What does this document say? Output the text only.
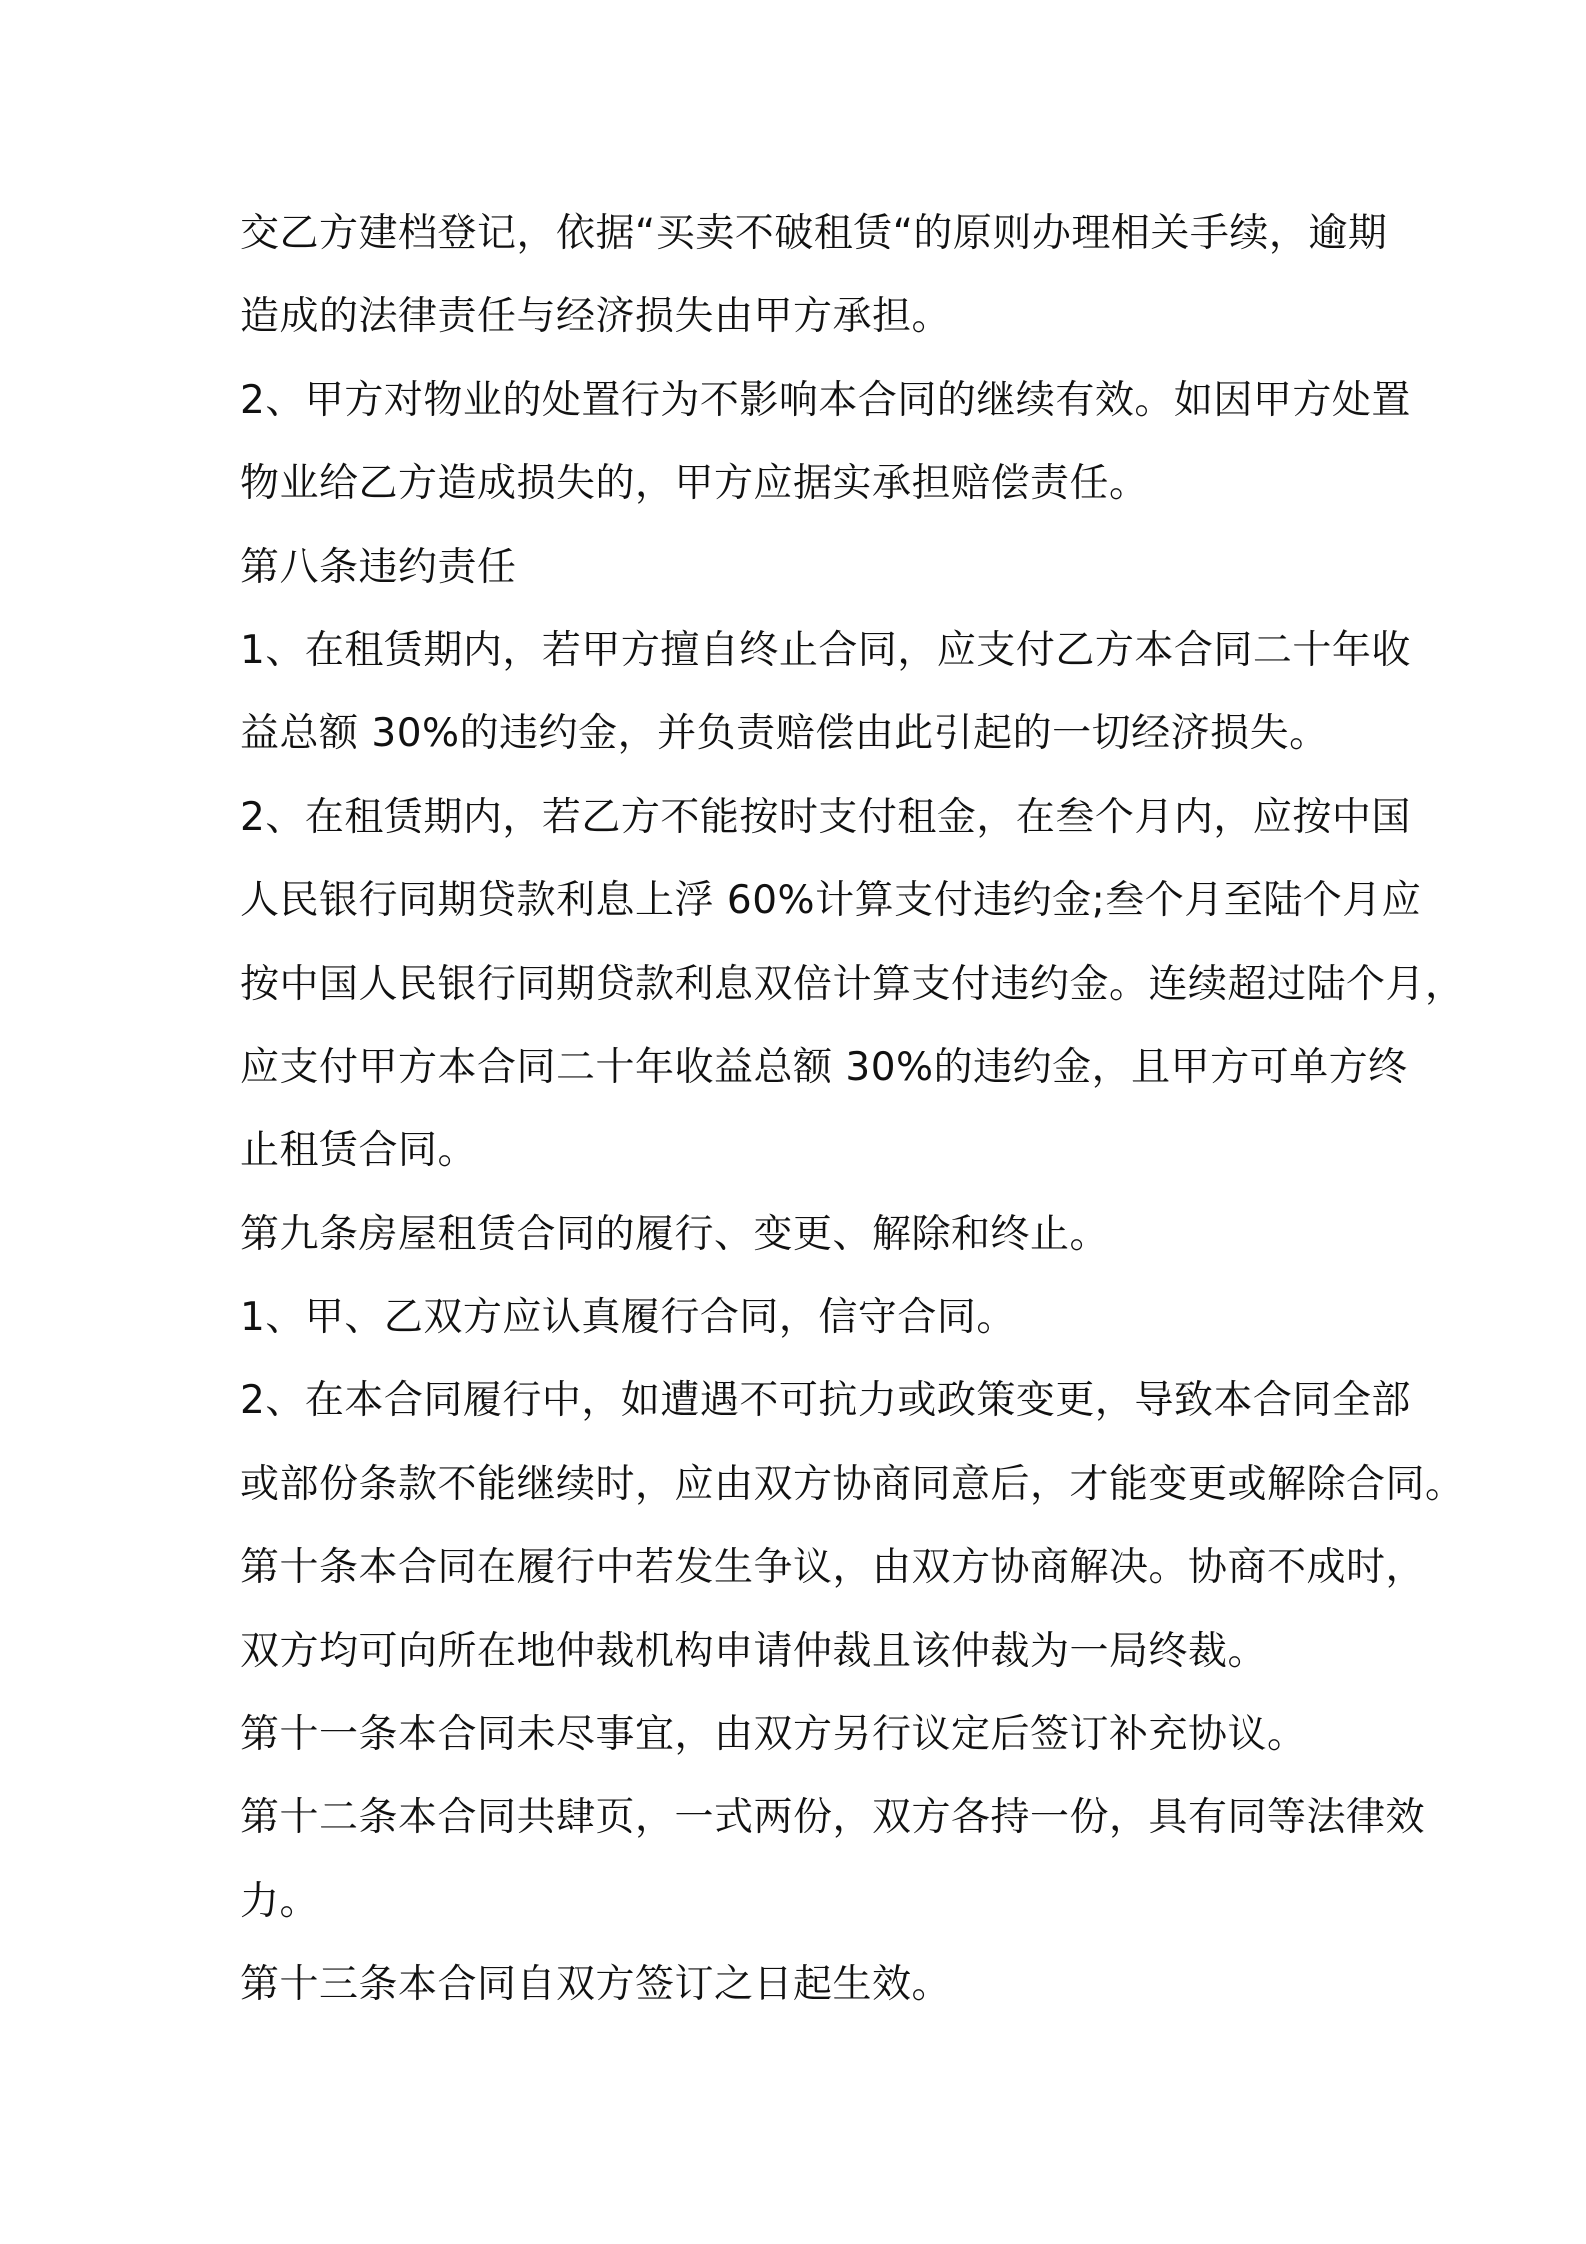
交乙方建档登记，依据“买卖不破租赁“的原则办理相关手续，逾期
造成的法律责任与经济损失由甲方承担。
2、甲方对物业的处置行为不影响本合同的继续有效。如因甲方处置
物业给乙方造成损失的，甲方应据实承担赔偿责任。
第八条违约责任
1、在租赁期内，若甲方擅自终止合同，应支付乙方本合同二十年收
益总额 30%的违约金，并负责赔偿由此引起的一切经济损失。
2、在租赁期内，若乙方不能按时支付租金，在叁个月内，应按中国
人民银行同期贷款利息上浮 60%计算支付违约金;叁个月至陆个月应
按中国人民银行同期贷款利息双倍计算支付违约金。连续超过陆个月，
应支付甲方本合同二十年收益总额 30%的违约金，且甲方可单方终
止租赁合同。
第九条房屋租赁合同的履行、变更、解除和终止。
1、甲、乙双方应认真履行合同，信守合同。
2、在本合同履行中，如遭遇不可抗力或政策变更，导致本合同全部
或部份条款不能继续时，应由双方协商同意后，才能变更或解除合同。
第十条本合同在履行中若发生争议，由双方协商解决。协商不成时，
双方均可向所在地仲裁机构申请仲裁且该仲裁为一局终裁。
第十一条本合同未尽事宜，由双方另行议定后签订补充协议。
第十二条本合同共肆页，一式两份，双方各持一份，具有同等法律效
力。
第十三条本合同自双方签订之日起生效。
